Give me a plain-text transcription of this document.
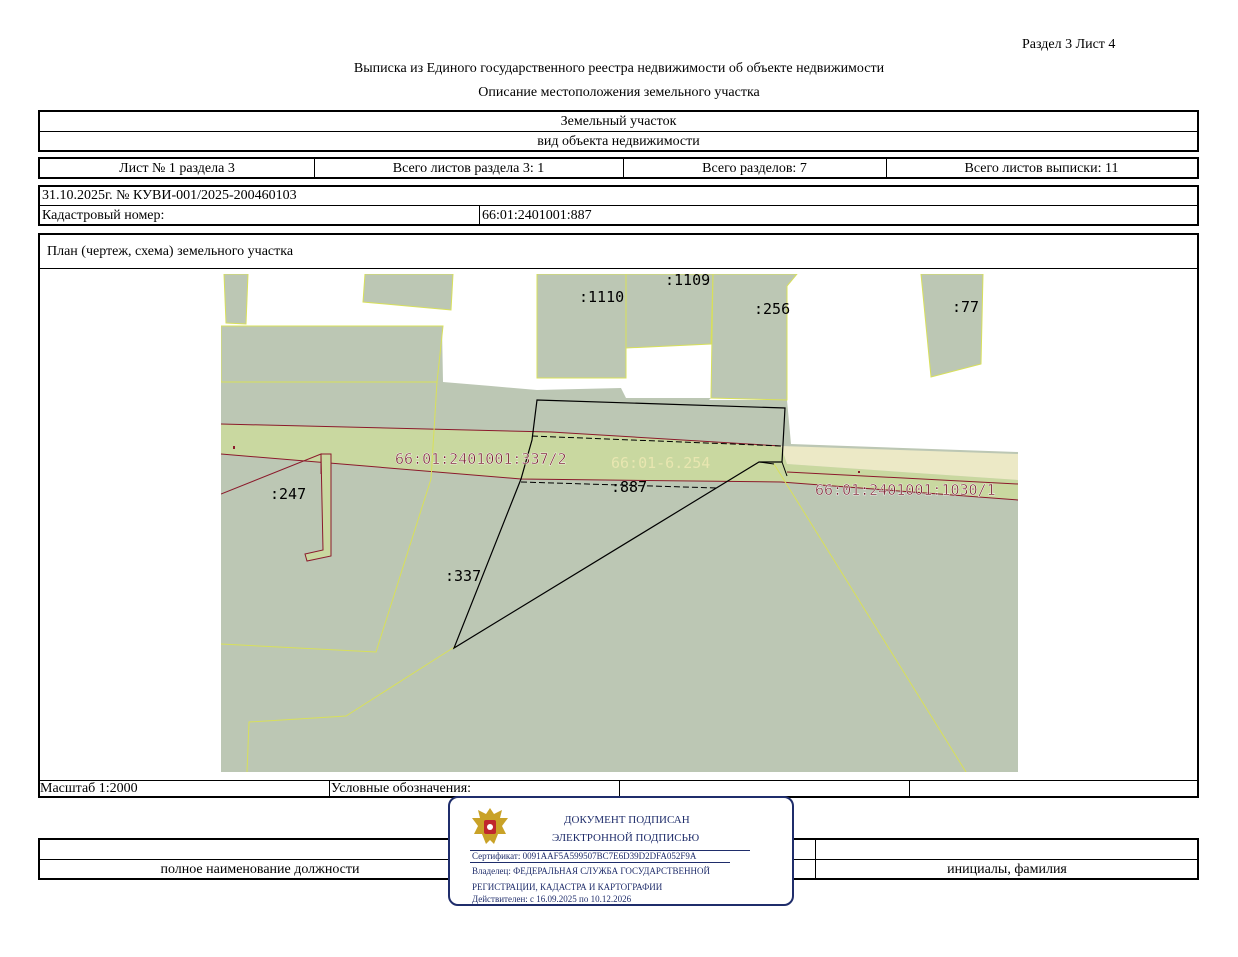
Раздел 3 Лист 4
Выписка из Единого государственного реестра недвижимости об объекте недвижимости
Описание местоположения земельного участка
Земельный участок
вид объекта недвижимости
Лист № 1 раздела 3	Всего листов раздела 3: 1	Всего разделов: 7	Всего листов выписки: 11
31.10.2025г. № КУВИ-001/2025-200460103
Кадастровый номер:	66:01:2401001:887
План (чертеж, схема) земельного участка
Масштаб 1:2000	Условные обозначения:
:1110
:1109
:256	:77
:247
:337
:887
66:01:2401001:337/2	66:01-6.254
66:01:2401001:1030/1
полное наименование должности	инициалы, фамилия
ДОКУМЕНТ ПОДПИСАН
ЭЛЕКТРОННОЙ ПОДПИСЬЮ
Сертификат: 0091AAF5A599507BC7E6D39D2DFA052F9A
Владелец: ФЕДЕРАЛЬНАЯ СЛУЖБА ГОСУДАРСТВЕННОЙ
РЕГИСТРАЦИИ, КАДАСТРА И КАРТОГРАФИИ
Действителен: с 16.09.2025 по 10.12.2026
